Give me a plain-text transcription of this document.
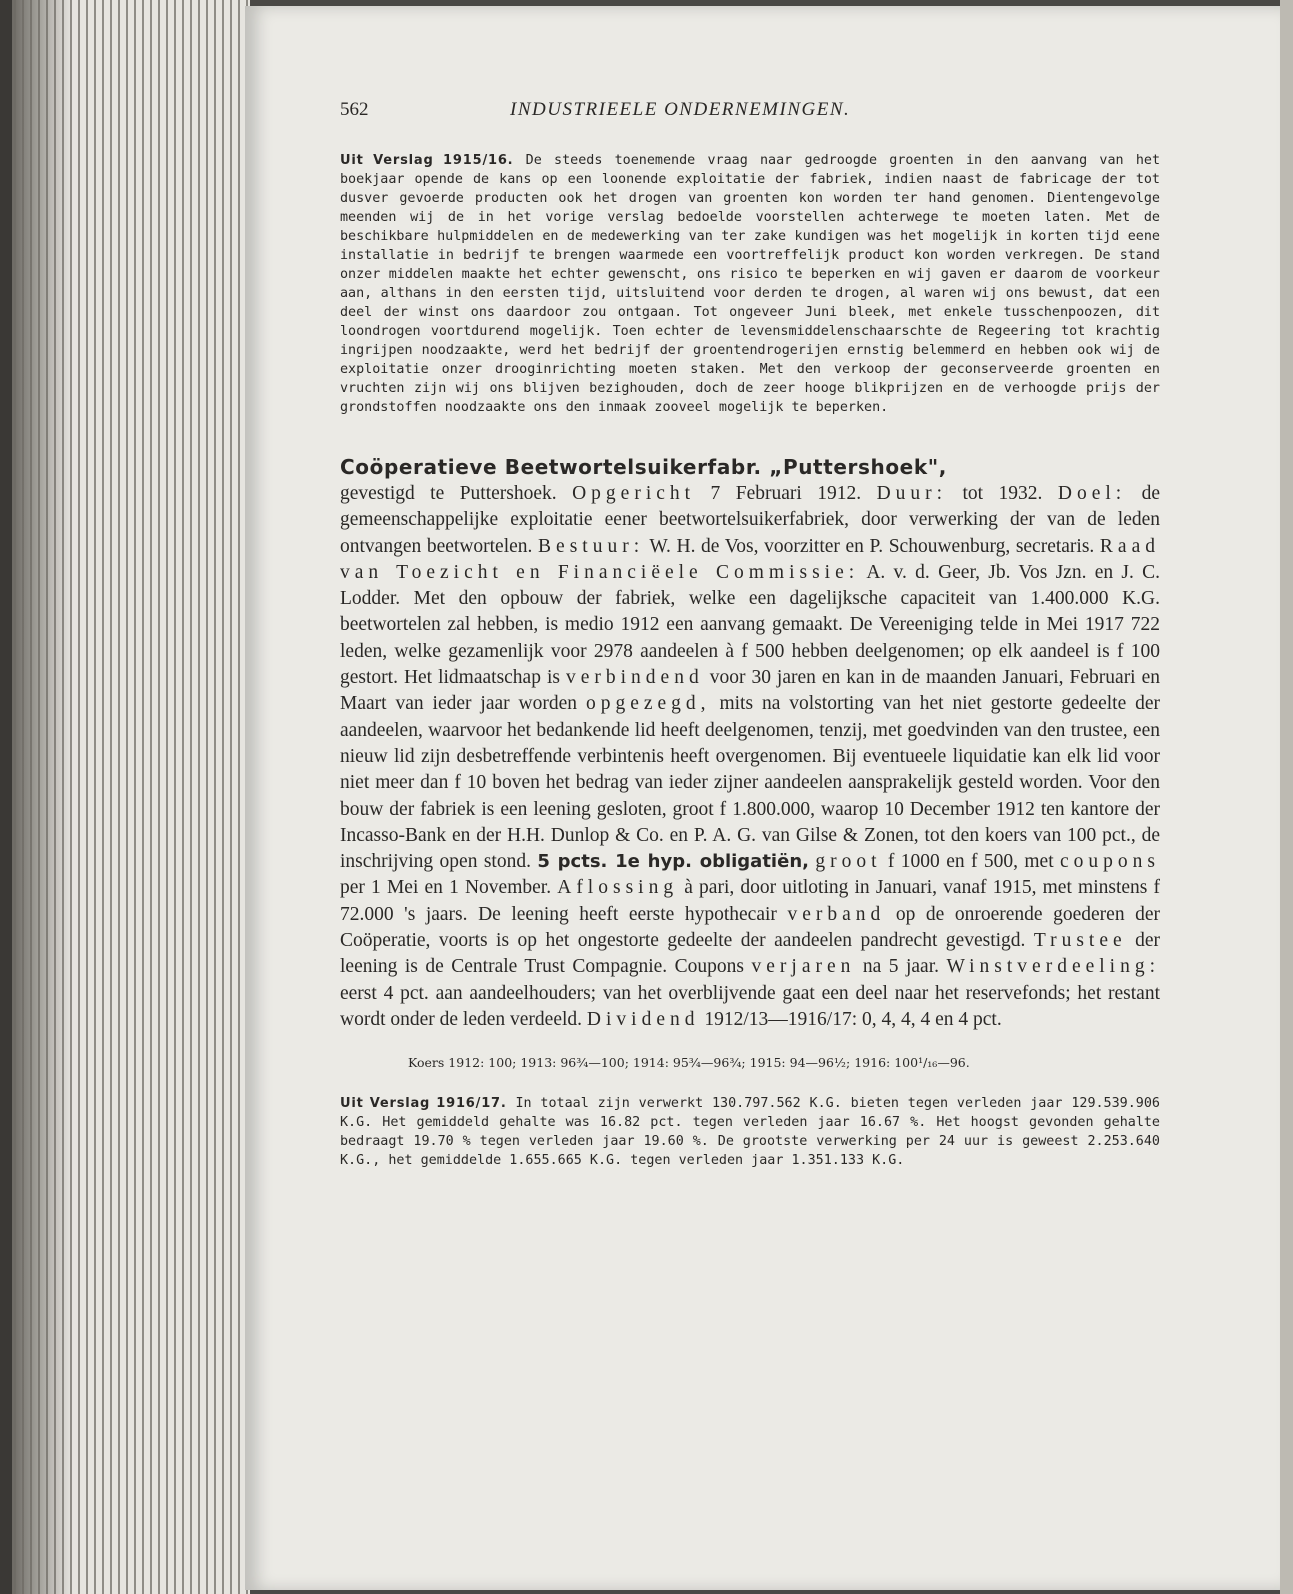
562	INDUSTRIEELE ONDERNEMINGEN.

Uit Verslag 1915/16. De steeds toenemende vraag naar gedroogde groenten in den aanvang van het boekjaar opende de kans op een loonende exploitatie der fabriek, indien naast de fabricage der tot dusver gevoerde producten ook het drogen van groenten kon worden ter hand genomen. Dientengevolge meenden wij de in het vorige verslag bedoelde voorstellen achterwege te moeten laten. Met de beschikbare hulpmiddelen en de medewerking van ter zake kundigen was het mogelijk in korten tijd eene installatie in bedrijf te brengen waarmede een voortreffelijk product kon worden verkregen. De stand onzer middelen maakte het echter gewenscht, ons risico te beperken en wij gaven er daarom de voorkeur aan, althans in den eersten tijd, uitsluitend voor derden te drogen, al waren wij ons bewust, dat een deel der winst ons daardoor zou ontgaan. Tot ongeveer Juni bleek, met enkele tusschenpoozen, dit loondrogen voortdurend mogelijk. Toen echter de levensmiddelenschaarschte de Regeering tot krachtig ingrijpen noodzaakte, werd het bedrijf der groentendrogerijen ernstig belemmerd en hebben ook wij de exploitatie onzer drooginrichting moeten staken. Met den verkoop der geconserveerde groenten en vruchten zijn wij ons blijven bezighouden, doch de zeer hooge blikprijzen en de verhoogde prijs der grondstoffen noodzaakte ons den inmaak zooveel mogelijk te beperken.

Coöperatieve Beetwortelsuikerfabr. „Puttershoek",

gevestigd te Puttershoek. Opgericht 7 Februari 1912. Duur: tot 1932. Doel: de gemeenschappelijke exploitatie eener beetwortelsuikerfabriek, door verwerking der van de leden ontvangen beetwortelen. Bestuur: W. H. de Vos, voorzitter en P. Schouwenburg, secretaris. Raad van Toezicht en Financiëele Commissie: A. v. d. Geer, Jb. Vos Jzn. en J. C. Lodder. Met den opbouw der fabriek, welke een dagelijksche capaciteit van 1.400.000 K.G. beetwortelen zal hebben, is medio 1912 een aanvang gemaakt. De Vereeniging telde in Mei 1917 722 leden, welke gezamenlijk voor 2978 aandeelen à f 500 hebben deelgenomen; op elk aandeel is f 100 gestort. Het lidmaatschap is verbindend voor 30 jaren en kan in de maanden Januari, Februari en Maart van ieder jaar worden opgezegd, mits na volstorting van het niet gestorte gedeelte der aandeelen, waarvoor het bedankende lid heeft deelgenomen, tenzij, met goedvinden van den trustee, een nieuw lid zijn desbetreffende verbintenis heeft overgenomen. Bij eventueele liquidatie kan elk lid voor niet meer dan f 10 boven het bedrag van ieder zijner aandeelen aansprakelijk gesteld worden. Voor den bouw der fabriek is een leening gesloten, groot f 1.800.000, waarop 10 December 1912 ten kantore der Incasso-Bank en der H.H. Dunlop & Co. en P. A. G. van Gilse & Zonen, tot den koers van 100 pct., de inschrijving open stond. 5 pcts. 1e hyp. obligatiën, groot f 1000 en f 500, met coupons per 1 Mei en 1 November. Aflossing à pari, door uitloting in Januari, vanaf 1915, met minstens f 72.000 's jaars. De leening heeft eerste hypothecair verband op de onroerende goederen der Coöperatie, voorts is op het ongestorte gedeelte der aandeelen pandrecht gevestigd. Trustee der leening is de Centrale Trust Compagnie. Coupons verjaren na 5 jaar. Winstverdeeling: eerst 4 pct. aan aandeelhouders; van het overblijvende gaat een deel naar het reservefonds; het restant wordt onder de leden verdeeld. Dividend 1912/13—1916/17: 0, 4, 4, 4 en 4 pct.

Koers 1912: 100; 1913: 96¾—100; 1914: 95¾—96¾; 1915: 94—96½; 1916: 100¹/₁₆—96.

Uit Verslag 1916/17. In totaal zijn verwerkt 130.797.562 K.G. bieten tegen verleden jaar 129.539.906 K.G. Het gemiddeld gehalte was 16.82 pct. tegen verleden jaar 16.67 %. Het hoogst gevonden gehalte bedraagt 19.70 % tegen verleden jaar 19.60 %. De grootste verwerking per 24 uur is geweest 2.253.640 K.G., het gemiddelde 1.655.665 K.G. tegen verleden jaar 1.351.133 K.G.
